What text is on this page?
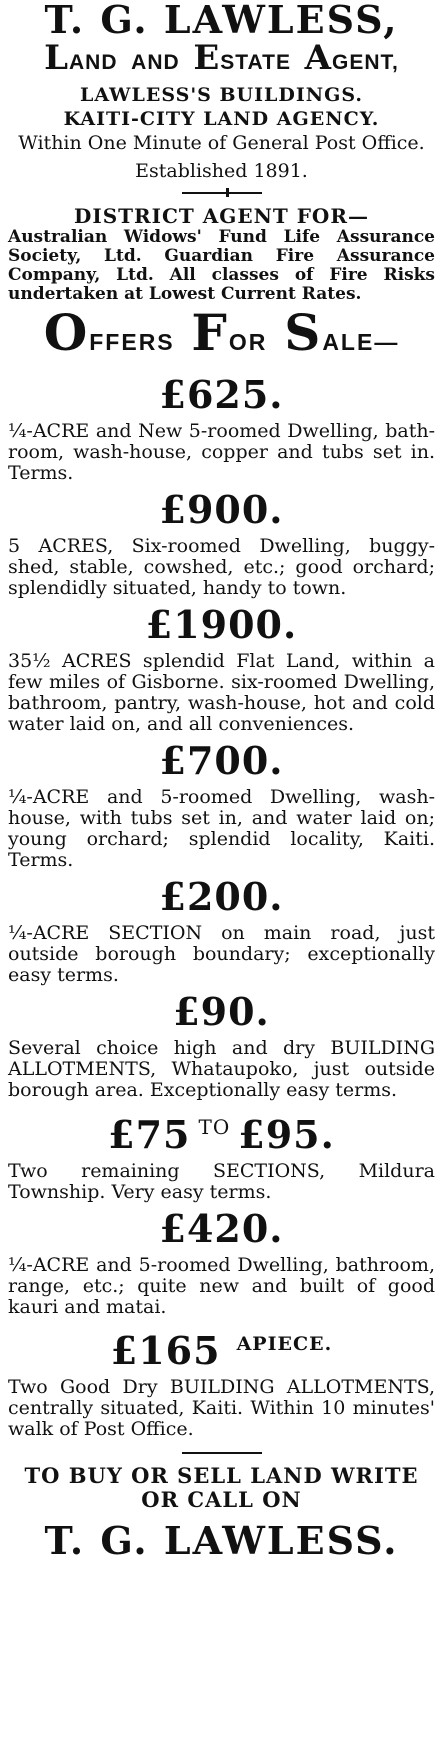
T. G. LAWLESS,
LAND  AND  ESTATE AGENT,
LAWLESS'S BUILDINGS.
KAITI-CITY LAND AGENCY.
Within One Minute of General Post Office.
Established 1891.
DISTRICT AGENT FOR—
Australian Widows' Fund Life Assurance Society, Ltd. Guardian Fire Assurance Company, Ltd. All classes of Fire Risks undertaken at Lowest Current Rates.
OFFERS FOR SALE—
£625.
¼-ACRE and New 5-roomed Dwelling, bath-room, wash-house, copper and tubs set in. Terms.
£900.
5 ACRES, Six-roomed Dwelling, buggy-shed, stable, cowshed, etc.; good orchard; splendidly situated, handy to town.
£1900.
35½ ACRES splendid Flat Land, within a few miles of Gisborne. six-roomed Dwelling, bathroom, pantry, wash-house, hot and cold water laid on, and all conveniences.
£700.
¼-ACRE and 5-roomed Dwelling, wash-house, with tubs set in, and water laid on; young orchard; splendid locality, Kaiti. Terms.
£200.
¼-ACRE SECTION on main road, just outside borough boundary; exceptionally easy terms.
£90.
Several choice high and dry BUILDING ALLOTMENTS, Whataupoko, just outside borough area. Exceptionally easy terms.
£75 $^{TO}$ £95.
Two remaining SECTIONS, Mildura Township. Very easy terms.
£420.
¼-ACRE and 5-roomed Dwelling, bathroom, range, etc.; quite new and built of good kauri and matai.
£165 $^{APIECE.}$
Two Good Dry BUILDING ALLOTMENTS, centrally situated, Kaiti. Within 10 minutes' walk of Post Office.
TO BUY OR SELL LAND WRITE OR CALL ON
T. G. LAWLESS.
